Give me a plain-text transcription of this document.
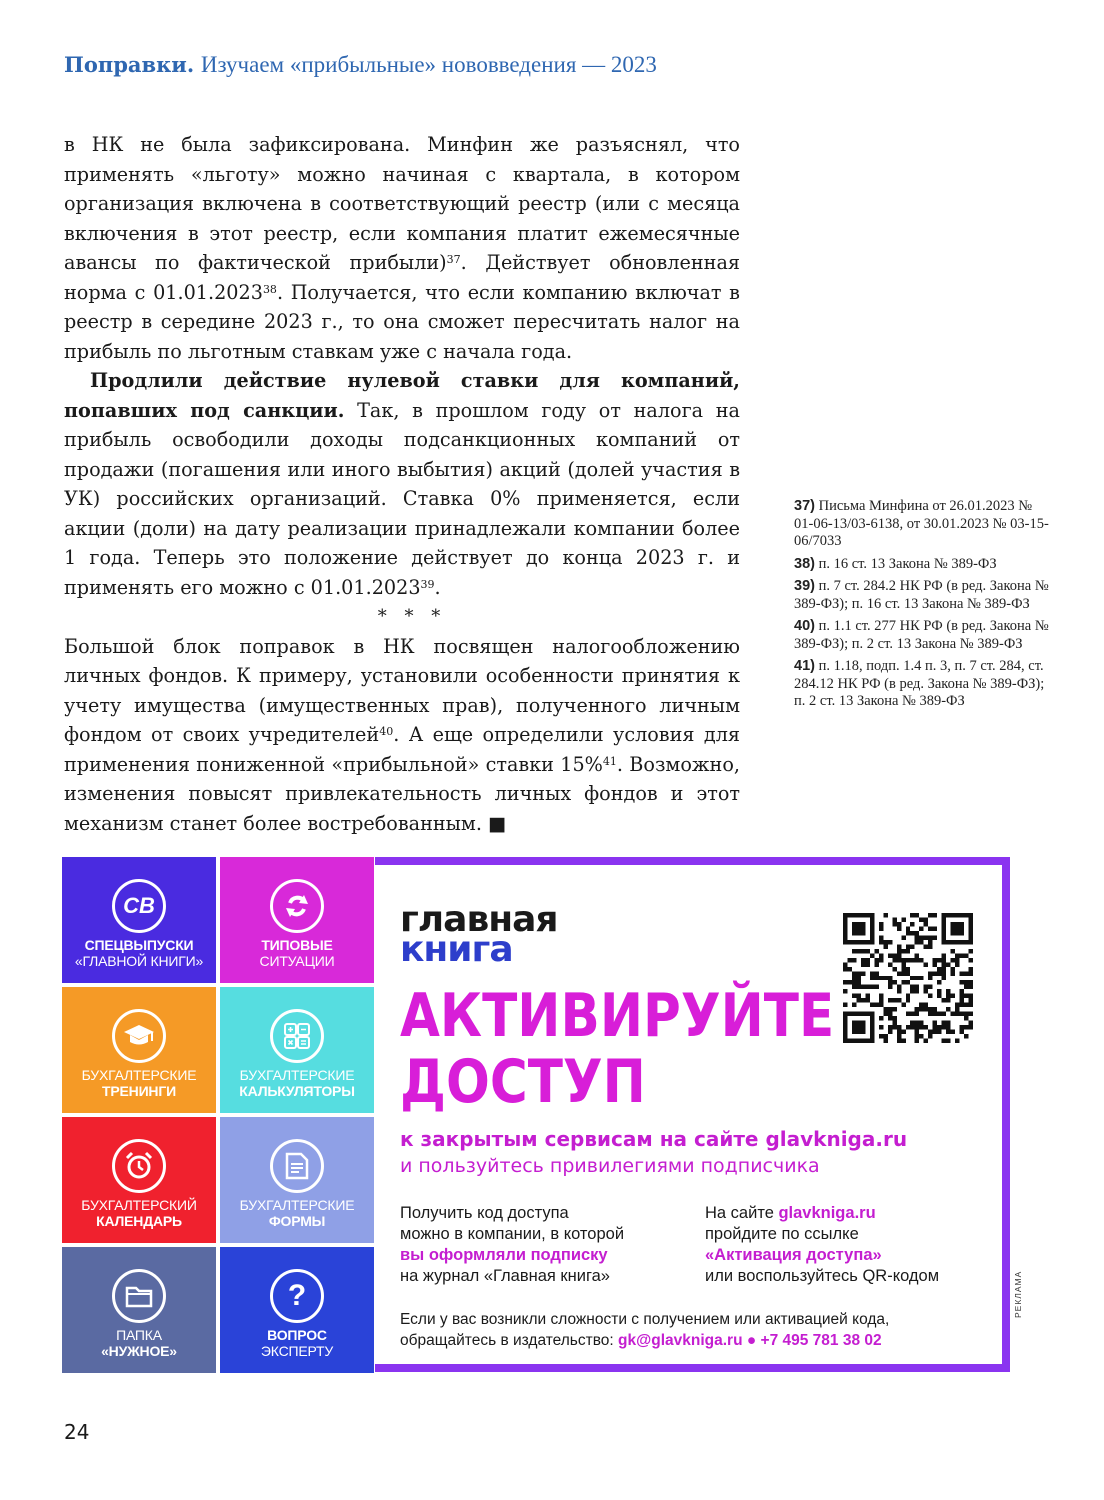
Поправки. Изучаем «прибыльные» нововведения — 2023

в НК не была зафиксирована. Минфин же разъяснял, что применять «льготу» можно начиная с квартала, в котором организация включена в соответствующий реестр (или с месяца включения в этот реестр, если компания платит ежемесячные авансы по фактической прибыли)$^{37}$. Действует обновленная норма с 01.01.2023$^{38}$. Получается, что если компанию включат в реестр в середине 2023 г., то она сможет пересчитать налог на прибыль по льготным ставкам уже с начала года.

Продлили действие нулевой ставки для компаний, попавших под санкции. Так, в прошлом году от налога на прибыль освободили доходы подсанкционных компаний от продажи (погашения или иного выбытия) акций (долей участия в УК) российских организаций. Ставка 0% применяется, если акции (доли) на дату реализации принадлежали компании более 1 года. Теперь это положение действует до конца 2023 г. и применять его можно с 01.01.2023$^{39}$.

* * *

Большой блок поправок в НК посвящен налогообложению личных фондов. К примеру, установили особенности принятия к учету имущества (имущественных прав), полученного личным фондом от своих учредителей$^{40}$. А еще определили условия для применения пониженной «прибыльной» ставки 15%$^{41}$. Возможно, изменения повысят привлекательность личных фондов и этот механизм станет более востребованным. ■

37) Письма Минфина от 26.01.2023 № 01-06-13/03-6138, от 30.01.2023 № 03-15-06/7033
38) п. 16 ст. 13 Закона № 389-ФЗ
39) п. 7 ст. 284.2 НК РФ (в ред. Закона № 389-ФЗ); п. 16 ст. 13 Закона № 389-ФЗ
40) п. 1.1 ст. 277 НК РФ (в ред. Закона № 389-ФЗ); п. 2 ст. 13 Закона № 389-ФЗ
41) п. 1.18, подп. 1.4 п. 3, п. 7 ст. 284, ст. 284.12 НК РФ (в ред. Закона № 389-ФЗ); п. 2 ст. 13 Закона № 389-ФЗ
СВ
СПЕЦВЫПУСКИ
«ГЛАВНОЙ КНИГИ»
ТИПОВЫЕ
СИТУАЦИИ
БУХГАЛТЕРСКИЕ
ТРЕНИНГИ
БУХГАЛТЕРСКИЕ
КАЛЬКУЛЯТОРЫ
БУХГАЛТЕРСКИЙ
КАЛЕНДАРЬ
БУХГАЛТЕРСКИЕ
ФОРМЫ
ПАПКА
«НУЖНОЕ»
?
ВОПРОС
ЭКСПЕРТУ
главная
книга
АКТИВИРУЙТЕ
ДОСТУП
к закрытым сервисам на сайте glavkniga.ru
и пользуйтесь привилегиями подписчика
Получить код доступа
можно в компании, в которой
вы оформляли подписку
на журнал «Главная книга»
На сайте glavkniga.ru
пройдите по ссылке
«Активация доступа»
или воспользуйтесь QR-кодом
Если у вас возникли сложности с получением или активацией кода,
обращайтесь в издательство: gk@glavkniga.ru ● +7 495 781 38 02
РЕКЛАМА
24
